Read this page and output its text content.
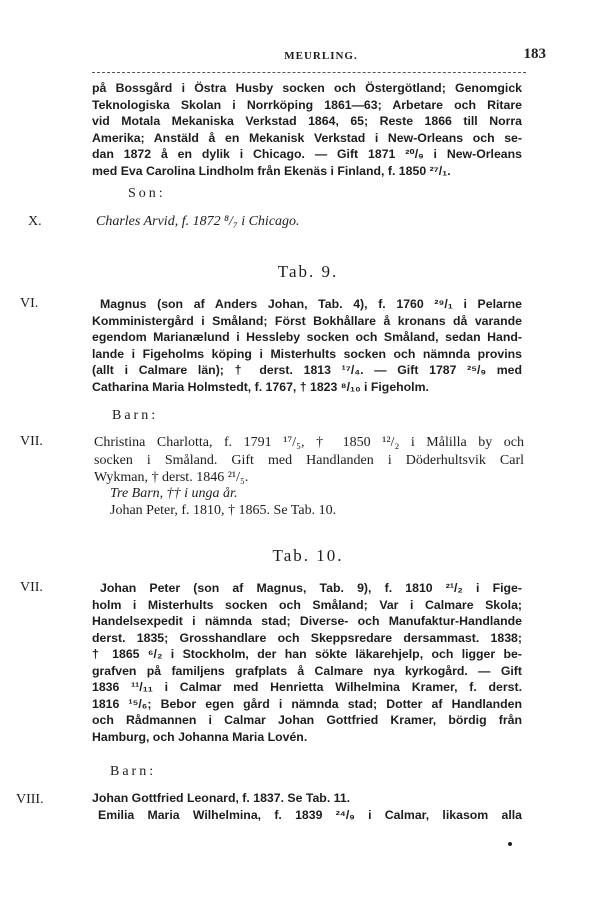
MEURLING.	183
på Bossgård i Östra Husby socken och Östergötland; Genomgick
Teknologiska Skolan i Norrköping 1861—63; Arbetare och Ritare
vid Motala Mekaniska Verkstad 1864, 65; Reste 1866 till Norra
Amerika; Anstäld å en Mekanisk Verkstad i New-Orleans och se-
dan 1872 å en dylik i Chicago. — Gift 1871 ²⁰/₉ i New-Orleans
med Eva Carolina Lindholm från Ekenäs i Finland, f. 1850 ²⁷/₁.
Son:
X.	Charles Arvid, f. 1872 ⁸/₇ i Chicago.
Tab. 9.
VI.	Magnus (son af Anders Johan, Tab. 4), f. 1760 ²⁹/₁ i Pelarne
Komministergård i Småland; Först Bokhållare å kronans då varande
egendom Marianælund i Hessleby socken och Småland, sedan Hand-
lande i Figeholms köping i Misterhults socken och nämnda provins
(allt i Calmare län); † derst. 1813 ¹⁷/₄. — Gift 1787 ²⁵/₉ med
Catharina Maria Holmstedt, f. 1767, † 1823 ⁸/₁₀ i Figeholm.
Barn:
VII.	Christina Charlotta, f. 1791 ¹⁷/₅, † 1850 ¹²/₂ i Målilla by och
socken i Småland. Gift med Handlanden i Döderhultsvik Carl
Wykman, † derst. 1846 ²¹/₅.
Tre Barn, †† i unga år.
Johan Peter, f. 1810, † 1865. Se Tab. 10.
Tab. 10.
VII.	Johan Peter (son af Magnus, Tab. 9), f. 1810 ²¹/₂ i Fige-
holm i Misterhults socken och Småland; Var i Calmare Skola;
Handelsexpedit i nämnda stad; Diverse- och Manufaktur-Handlande
derst. 1835; Grosshandlare och Skeppsredare dersammast. 1838;
† 1865 ⁶/₂ i Stockholm, der han sökte läkarehjelp, och ligger be-
grafven på familjens grafplats å Calmare nya kyrkogård. — Gift
1836 ¹¹/₁₁ i Calmar med Henrietta Wilhelmina Kramer, f. derst.
1816 ¹⁵/₆; Bebor egen gård i nämnda stad; Dotter af Handlanden
och Rådmannen i Calmar Johan Gottfried Kramer, bördig från
Hamburg, och Johanna Maria Lovén.
Barn:
VIII.	Johan Gottfried Leonard, f. 1837. Se Tab. 11.
Emilia Maria Wilhelmina, f. 1839 ²⁴/₉ i Calmar, likasom alla
